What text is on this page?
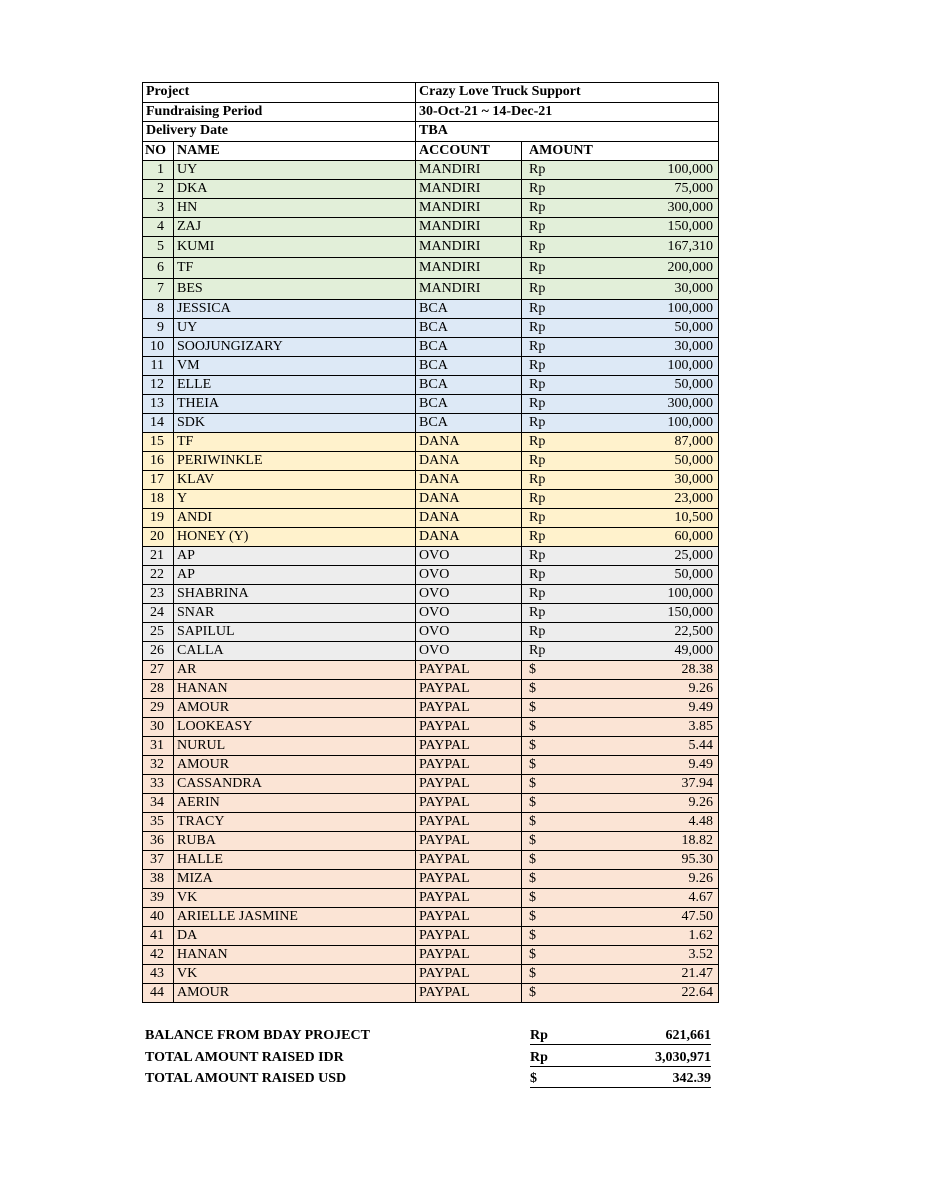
Project		Crazy Love Truck Support		
Fundraising Period		30-Oct-21 ~ 14-Dec-21		
Delivery Date		TBA		
NO	NAME	ACCOUNT	AMOUNT	
1	UY	MANDIRI	Rp	100,000
2	DKA	MANDIRI	Rp	75,000
3	HN	MANDIRI	Rp	300,000
4	ZAJ	MANDIRI	Rp	150,000
5	KUMI	MANDIRI	Rp	167,310
6	TF	MANDIRI	Rp	200,000
7	BES	MANDIRI	Rp	30,000
8	JESSICA	BCA	Rp	100,000
9	UY	BCA	Rp	50,000
10	SOOJUNGIZARY	BCA	Rp	30,000
11	VM	BCA	Rp	100,000
12	ELLE	BCA	Rp	50,000
13	THEIA	BCA	Rp	300,000
14	SDK	BCA	Rp	100,000
15	TF	DANA	Rp	87,000
16	PERIWINKLE	DANA	Rp	50,000
17	KLAV	DANA	Rp	30,000
18	Y	DANA	Rp	23,000
19	ANDI	DANA	Rp	10,500
20	HONEY (Y)	DANA	Rp	60,000
21	AP	OVO	Rp	25,000
22	AP	OVO	Rp	50,000
23	SHABRINA	OVO	Rp	100,000
24	SNAR	OVO	Rp	150,000
25	SAPILUL	OVO	Rp	22,500
26	CALLA	OVO	Rp	49,000
27	AR	PAYPAL	$	28.38
28	HANAN	PAYPAL	$	9.26
29	AMOUR	PAYPAL	$	9.49
30	LOOKEASY	PAYPAL	$	3.85
31	NURUL	PAYPAL	$	5.44
32	AMOUR	PAYPAL	$	9.49
33	CASSANDRA	PAYPAL	$	37.94
34	AERIN	PAYPAL	$	9.26
35	TRACY	PAYPAL	$	4.48
36	RUBA	PAYPAL	$	18.82
37	HALLE	PAYPAL	$	95.30
38	MIZA	PAYPAL	$	9.26
39	VK	PAYPAL	$	4.67
40	ARIELLE JASMINE	PAYPAL	$	47.50
41	DA	PAYPAL	$	1.62
42	HANAN	PAYPAL	$	3.52
43	VK	PAYPAL	$	21.47
44	AMOUR	PAYPAL	$	22.64
BALANCE FROM BDAY PROJECT	Rp	621,661
TOTAL AMOUNT RAISED IDR	Rp	3,030,971
TOTAL AMOUNT RAISED USD	$	342.39
